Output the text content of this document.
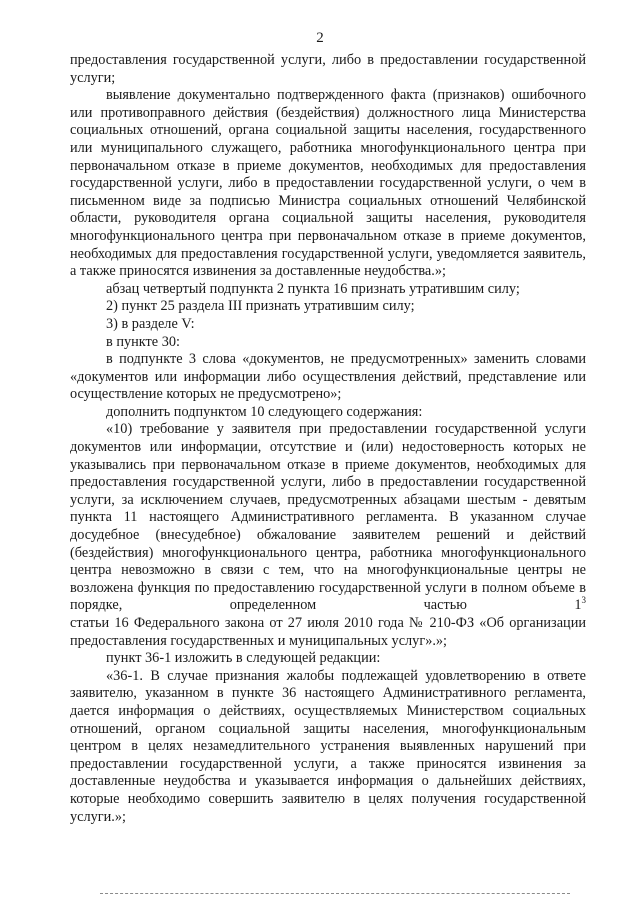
2

предоставления государственной услуги, либо в предоставлении государственной услуги;

выявление документально подтвержденного факта (признаков) ошибочного или противоправного действия (бездействия) должностного лица Министерства социальных отношений, органа социальной защиты населения, государственного или муниципального служащего, работника многофункционального центра при первоначальном отказе в приеме документов, необходимых для предоставления государственной услуги, либо в предоставлении государственной услуги, о чем в письменном виде за подписью Министра социальных отношений Челябинской области, руководителя органа социальной защиты населения, руководителя многофункционального центра при первоначальном отказе в приеме документов, необходимых для предоставления государственной услуги, уведомляется заявитель, а также приносятся извинения за доставленные неудобства.»;

абзац четвертый подпункта 2 пункта 16 признать утратившим силу;

2) пункт 25 раздела III признать утратившим силу;

3) в разделе V:

в пункте 30:

в подпункте 3 слова «документов, не предусмотренных» заменить словами «документов или информации либо осуществления действий, представление или осуществление которых не предусмотрено»;

дополнить подпунктом 10 следующего содержания:

«10) требование у заявителя при предоставлении государственной услуги документов или информации, отсутствие и (или) недостоверность которых не указывались при первоначальном отказе в приеме документов, необходимых для предоставления государственной услуги, либо в предоставлении государственной услуги, за исключением случаев, предусмотренных абзацами шестым - девятым пункта 11 настоящего Административного регламента. В указанном случае досудебное (внесудебное) обжалование заявителем решений и действий (бездействия) многофункционального центра, работника многофункционального центра невозможно в связи с тем, что на многофункциональные центры не возложена функция по предоставлению государственной услуги в полном объеме в порядке, определенном частью $1^3$

статьи 16 Федерального закона от 27 июля 2010 года № 210-ФЗ «Об организации предоставления государственных и муниципальных услуг».»;

пункт 36-1 изложить в следующей редакции:

«36-1. В случае признания жалобы подлежащей удовлетворению в ответе заявителю, указанном в пункте 36 настоящего Административного регламента, дается информация о действиях, осуществляемых Министерством социальных отношений, органом социальной защиты населения, многофункциональным центром в целях незамедлительного устранения выявленных нарушений при предоставлении государственной услуги, а также приносятся извинения за доставленные неудобства и указывается информация о дальнейших действиях, которые необходимо совершить заявителю в целях получения государственной услуги.»;
